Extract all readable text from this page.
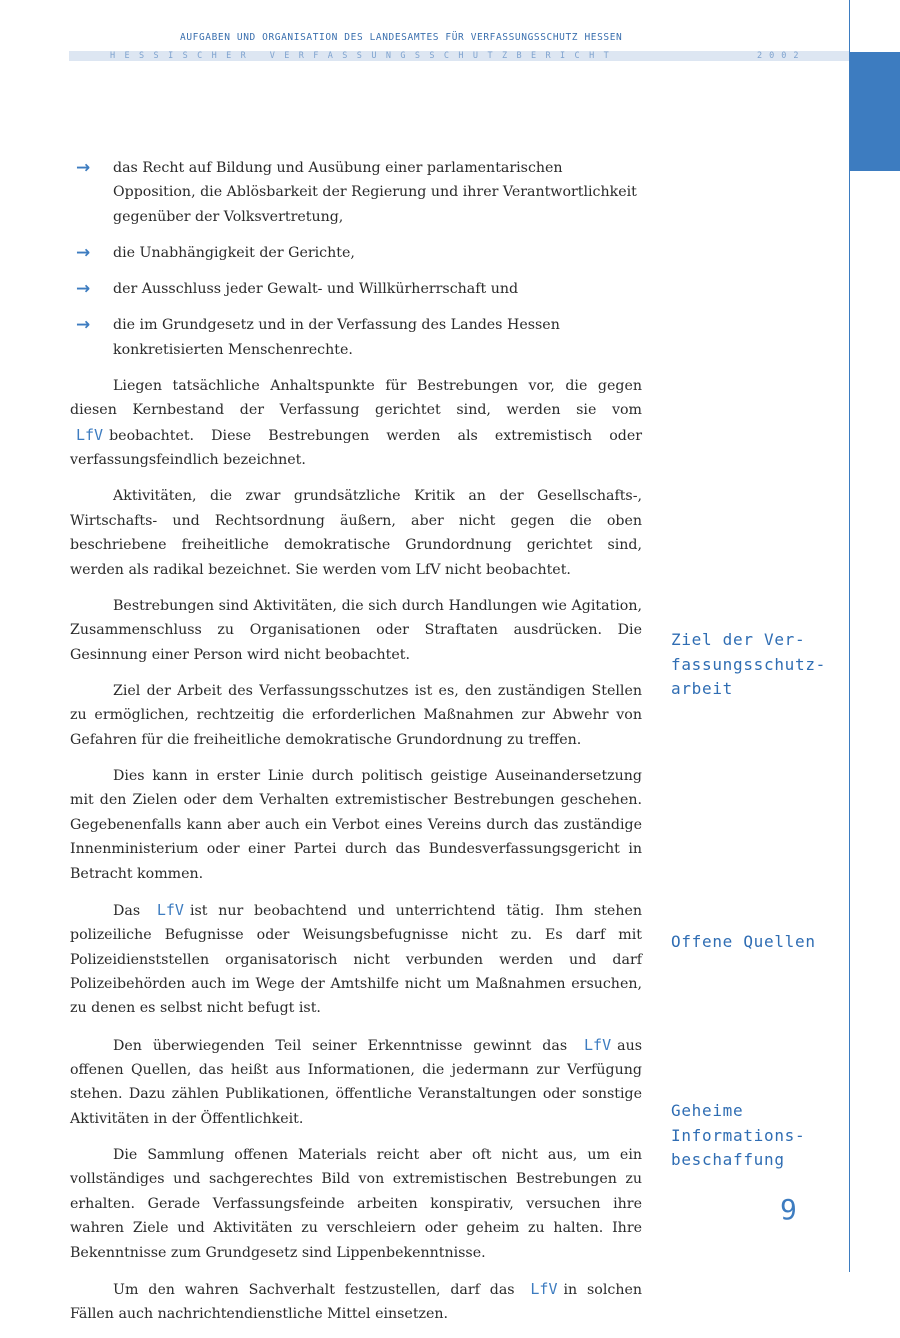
AUFGABEN UND ORGANISATION DES LANDESAMTES FÜR VERFASSUNGSSCHUTZ HESSEN
HESSISCHER VERFASSUNGSSCHUTZBERICHT	2002
→ das Recht auf Bildung und Ausübung einer parlamentarischen Opposition, die Ablösbarkeit der Regierung und ihrer Verantwortlichkeit gegenüber der Volksvertretung,
→ die Unabhängigkeit der Gerichte,
→ der Ausschluss jeder Gewalt- und Willkürherrschaft und
→ die im Grundgesetz und in der Verfassung des Landes Hessen konkretisierten Menschenrechte.

Liegen tatsächliche Anhaltspunkte für Bestrebungen vor, die gegen diesen Kernbestand der Verfassung gerichtet sind, werden sie vom LfV beobachtet. Diese Bestrebungen werden als extremistisch oder verfassungsfeindlich bezeichnet.

Aktivitäten, die zwar grundsätzliche Kritik an der Gesellschafts-, Wirtschafts- und Rechtsordnung äußern, aber nicht gegen die oben beschriebene freiheitliche demokratische Grundordnung gerichtet sind, werden als radikal bezeichnet. Sie werden vom LfV nicht beobachtet.

Bestrebungen sind Aktivitäten, die sich durch Handlungen wie Agitation, Zusammenschluss zu Organisationen oder Straftaten ausdrücken. Die Gesinnung einer Person wird nicht beobachtet.

Ziel der Arbeit des Verfassungsschutzes ist es, den zuständigen Stellen zu ermöglichen, rechtzeitig die erforderlichen Maßnahmen zur Abwehr von Gefahren für die freiheitliche demokratische Grundordnung zu treffen.

Dies kann in erster Linie durch politisch geistige Auseinandersetzung mit den Zielen oder dem Verhalten extremistischer Bestrebungen geschehen. Gegebenenfalls kann aber auch ein Verbot eines Vereins durch das zuständige Innenministerium oder einer Partei durch das Bundesverfassungsgericht in Betracht kommen.

Das LfV ist nur beobachtend und unterrichtend tätig. Ihm stehen polizeiliche Befugnisse oder Weisungsbefugnisse nicht zu. Es darf mit Polizeidienststellen organisatorisch nicht verbunden werden und darf Polizeibehörden auch im Wege der Amtshilfe nicht um Maßnahmen ersuchen, zu denen es selbst nicht befugt ist.

Den überwiegenden Teil seiner Erkenntnisse gewinnt das LfV aus offenen Quellen, das heißt aus Informationen, die jedermann zur Verfügung stehen. Dazu zählen Publikationen, öffentliche Veranstaltungen oder sonstige Aktivitäten in der Öffentlichkeit.

Die Sammlung offenen Materials reicht aber oft nicht aus, um ein vollständiges und sachgerechtes Bild von extremistischen Bestrebungen zu erhalten. Gerade Verfassungsfeinde arbeiten konspirativ, versuchen ihre wahren Ziele und Aktivitäten zu verschleiern oder geheim zu halten. Ihre Bekenntnisse zum Grundgesetz sind Lippenbekenntnisse.

Um den wahren Sachverhalt festzustellen, darf das LfV in solchen Fällen auch nachrichtendienstliche Mittel einsetzen.

Ziel der Ver-
fassungsschutz-
arbeit
Offene Quellen
Geheime
Informations-
beschaffung
9
